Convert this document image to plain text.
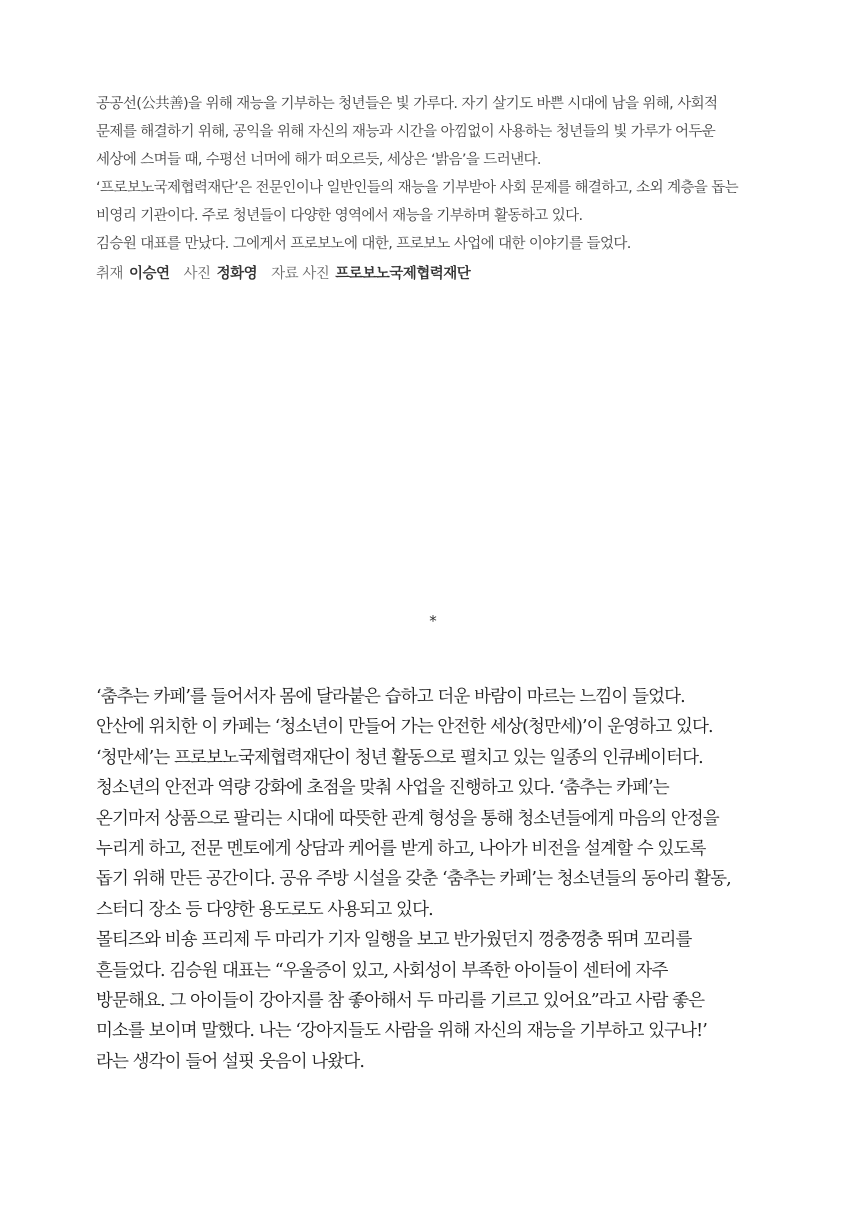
공공선(公共善)을 위해 재능을 기부하는 청년들은 빛 가루다. 자기 살기도 바쁜 시대에 남을 위해, 사회적
문제를 해결하기 위해, 공익을 위해 자신의 재능과 시간을 아낌없이 사용하는 청년들의 빛 가루가 어두운
세상에 스며들 때, 수평선 너머에 해가 떠오르듯, 세상은 ‘밝음’을 드러낸다.
‘프로보노국제협력재단’은 전문인이나 일반인들의 재능을 기부받아 사회 문제를 해결하고, 소외 계층을 돕는
비영리 기관이다. 주로 청년들이 다양한 영역에서 재능을 기부하며 활동하고 있다.
김승원 대표를 만났다. 그에게서 프로보노에 대한, 프로보노 사업에 대한 이야기를 들었다.
취재 이승연 사진 정화영 자료 사진 프로보노국제협력재단
*
‘춤추는 카페’를 들어서자 몸에 달라붙은 습하고 더운 바람이 마르는 느낌이 들었다.
안산에 위치한 이 카페는 ‘청소년이 만들어 가는 안전한 세상(청만세)’이 운영하고 있다.
‘청만세’는 프로보노국제협력재단이 청년 활동으로 펼치고 있는 일종의 인큐베이터다.
청소년의 안전과 역량 강화에 초점을 맞춰 사업을 진행하고 있다. ‘춤추는 카페’는
온기마저 상품으로 팔리는 시대에 따뜻한 관계 형성을 통해 청소년들에게 마음의 안정을
누리게 하고, 전문 멘토에게 상담과 케어를 받게 하고, 나아가 비전을 설계할 수 있도록
돕기 위해 만든 공간이다. 공유 주방 시설을 갖춘 ‘춤추는 카페’는 청소년들의 동아리 활동,
스터디 장소 등 다양한 용도로도 사용되고 있다.
몰티즈와 비숑 프리제 두 마리가 기자 일행을 보고 반가웠던지 껑충껑충 뛰며 꼬리를
흔들었다. 김승원 대표는 “우울증이 있고, 사회성이 부족한 아이들이 센터에 자주
방문해요. 그 아이들이 강아지를 참 좋아해서 두 마리를 기르고 있어요”라고 사람 좋은
미소를 보이며 말했다. 나는 ‘강아지들도 사람을 위해 자신의 재능을 기부하고 있구나!’
라는 생각이 들어 설핏 웃음이 나왔다.
